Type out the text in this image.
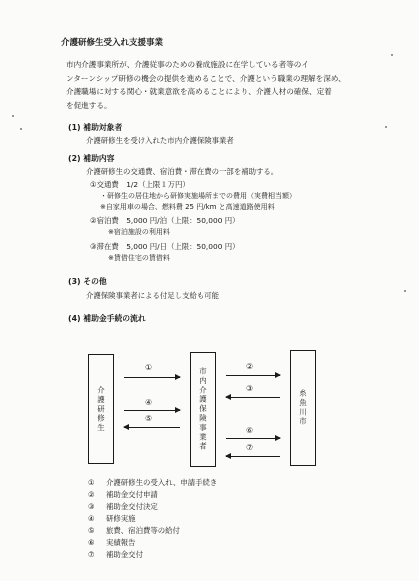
介護研修生受入れ支援事業
市内介護事業所が、介護従事のための養成施設に在学している者等のイ
ンターンシップ研修の機会の提供を進めることで、介護という職業の理解を深め、
介護職場に対する関心・就業意欲を高めることにより、介護人材の確保、定着
を促進する。
(1) 補助対象者
介護研修生を受け入れた市内介護保険事業者
(2) 補助内容
介護研修生の交通費、宿泊費・滞在費の一部を補助する。
①交通費　1/2（上限１万円）
・研修生の居住地から研修実施場所までの費用（実費相当額）
※自家用車の場合、燃料費 25 円/km と高速道路使用料
②宿泊費　5,000 円/泊（上限：50,000 円）
※宿泊施設の利用料
③滞在費　5,000 円/日（上限：50,000 円）
※賃借住宅の賃借料
(3) その他
介護保険事業者による付足し支給も可能
(4) 補助金手続の流れ
介護研修生	市内介護保険事業者	糸魚川市
①	②
③
④
⑤
⑥
⑦
① 介護研修生の受入れ、申請手続き
② 補助金交付申請
③ 補助金交付決定
④ 研修実施
⑤ 旅費、宿泊費等の給付
⑥ 実績報告
⑦ 補助金交付
